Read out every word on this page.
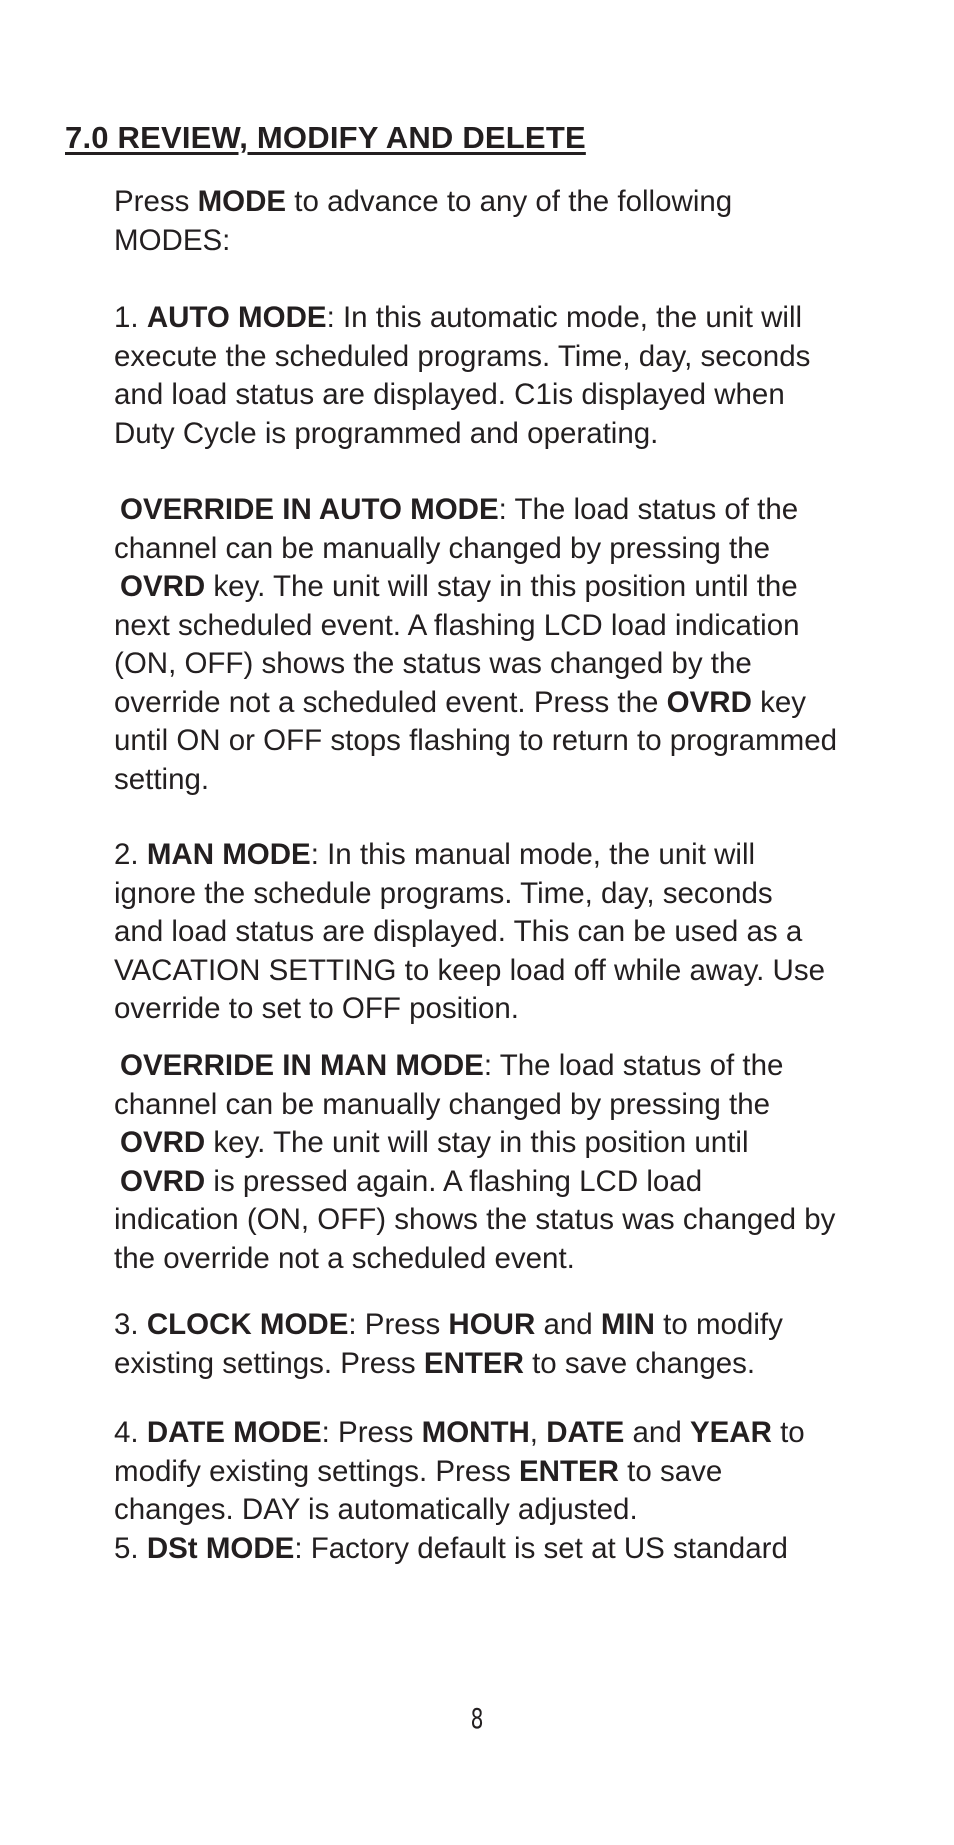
7.0 REVIEW, MODIFY AND DELETE
Press MODE to advance to any of the following
MODES:
1. AUTO MODE: In this automatic mode, the unit will
execute the scheduled programs. Time, day, seconds
and load status are displayed. C1is displayed when
Duty Cycle is programmed and operating.
OVERRIDE IN AUTO MODE: The load status of the
channel can be manually changed by pressing the
OVRD key. The unit will stay in this position until the
next scheduled event. A flashing LCD load indication
(ON, OFF) shows the status was changed by the
override not a scheduled event. Press the OVRD key
until ON or OFF stops flashing to return to programmed
setting.
2. MAN MODE: In this manual mode, the unit will
ignore the schedule programs. Time, day, seconds
and load status are displayed. This can be used as a
VACATION SETTING to keep load off while away. Use
override to set to OFF position.
OVERRIDE IN MAN MODE: The load status of the
channel can be manually changed by pressing the
OVRD key. The unit will stay in this position until
OVRD is pressed again. A flashing LCD load
indication (ON, OFF) shows the status was changed by
the override not a scheduled event.
3. CLOCK MODE: Press HOUR and MIN to modify
existing settings. Press ENTER to save changes.
4. DATE MODE: Press MONTH, DATE and YEAR to
modify existing settings. Press ENTER to save
changes. DAY is automatically adjusted.
5. DSt MODE: Factory default is set at US standard
8
